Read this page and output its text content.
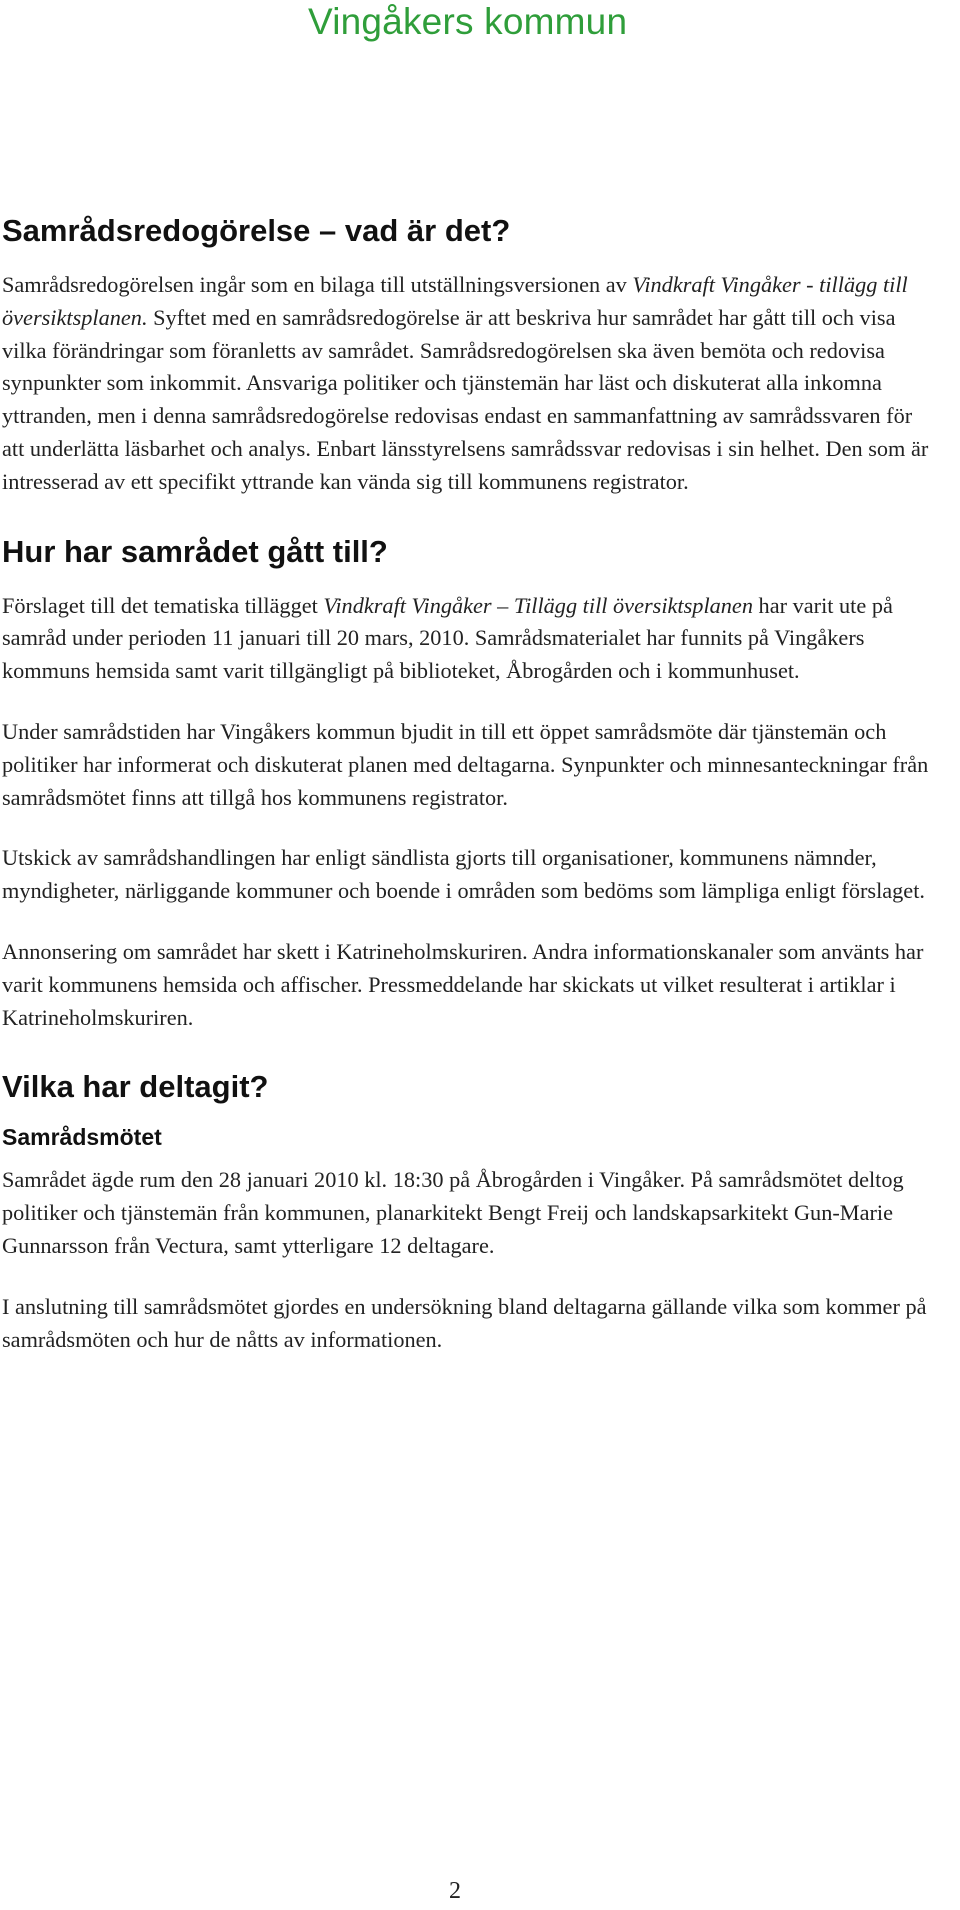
Vingåkers kommun
Samrådsredogörelse – vad är det?

Samrådsredogörelsen ingår som en bilaga till utställningsversionen av Vindkraft Vingåker - tillägg till översiktsplanen. Syftet med en samrådsredogörelse är att beskriva hur samrådet har gått till och visa vilka förändringar som föranletts av samrådet. Samrådsredogörelsen ska även bemöta och redovisa synpunkter som inkommit. Ansvariga politiker och tjänstemän har läst och diskuterat alla inkomna yttranden, men i denna samrådsredogörelse redovisas endast en sammanfattning av samrådssvaren för att underlätta läsbarhet och analys. Enbart länsstyrelsens samrådssvar redovisas i sin helhet. Den som är intresserad av ett specifikt yttrande kan vända sig till kommunens registrator.

Hur har samrådet gått till?

Förslaget till det tematiska tillägget Vindkraft Vingåker – Tillägg till översiktsplanen har varit ute på samråd under perioden 11 januari till 20 mars, 2010. Samrådsmaterialet har funnits på Vingåkers kommuns hemsida samt varit tillgängligt på biblioteket, Åbrogården och i kommunhuset.

Under samrådstiden har Vingåkers kommun bjudit in till ett öppet samrådsmöte där tjänstemän och politiker har informerat och diskuterat planen med deltagarna. Synpunkter och minnesanteckningar från samrådsmötet finns att tillgå hos kommunens registrator.

Utskick av samrådshandlingen har enligt sändlista gjorts till organisationer, kommunens nämnder, myndigheter, närliggande kommuner och boende i områden som bedöms som lämpliga enligt förslaget.

Annonsering om samrådet har skett i Katrineholmskuriren. Andra informationskanaler som använts har varit kommunens hemsida och affischer. Pressmeddelande har skickats ut vilket resulterat i artiklar i Katrineholmskuriren.

Vilka har deltagit?
Samrådsmötet

Samrådet ägde rum den 28 januari 2010 kl. 18:30 på Åbrogården i Vingåker. På samrådsmötet deltog politiker och tjänstemän från kommunen, planarkitekt Bengt Freij och landskapsarkitekt Gun-Marie Gunnarsson från Vectura, samt ytterligare 12 deltagare.

I anslutning till samrådsmötet gjordes en undersökning bland deltagarna gällande vilka som kommer på samrådsmöten och hur de nåtts av informationen.

2
